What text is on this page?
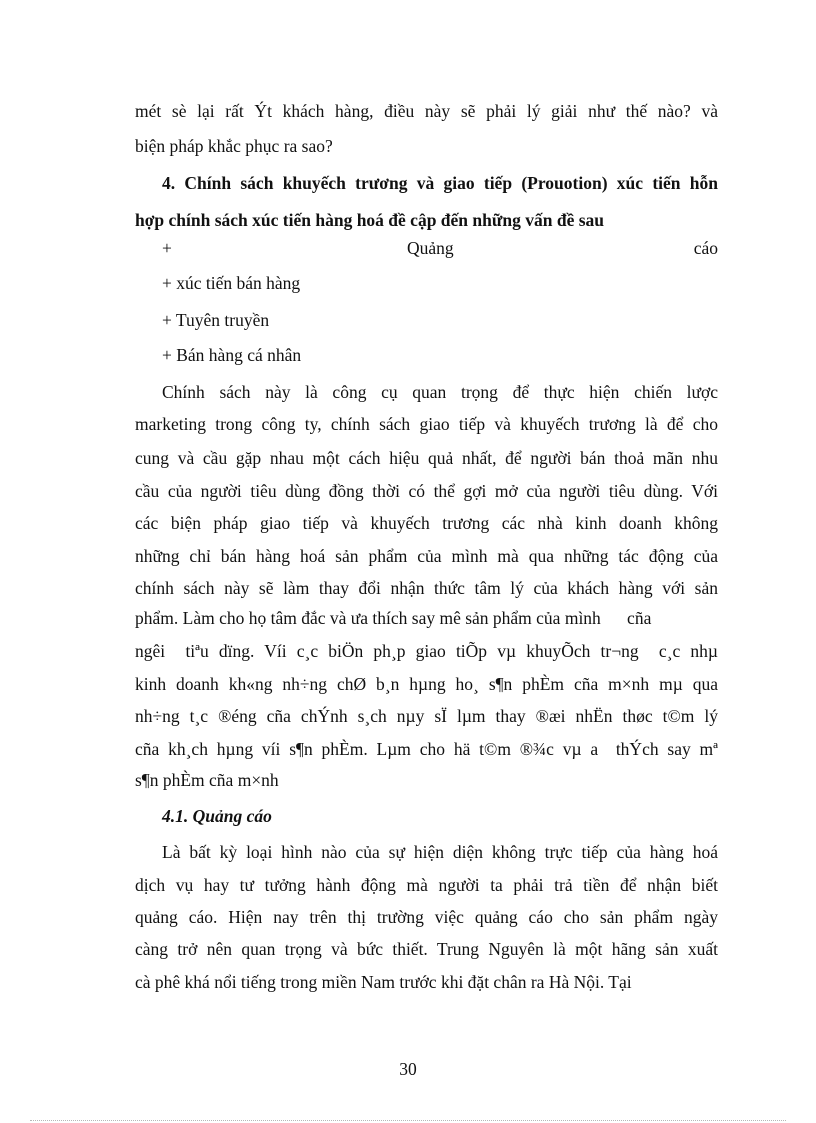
mét sè lại rất Ýt khách hàng, điều này sẽ phải lý giải như thế nào? và
biện pháp khắc phục ra sao?
4. Chính sách khuyếch trương và giao tiếp (Prouotion) xúc tiến hỗn
hợp chính sách xúc tiến hàng hoá đề cập đến những vấn đề sau
+	Quảng	cáo
+ xúc tiến bán hàng
+ Tuyên truyền
+ Bán hàng cá nhân
Chính sách này là công cụ quan trọng để thực hiện chiến lược
marketing trong công ty, chính sách giao tiếp và khuyếch trương là để cho
cung và cầu gặp nhau một cách hiệu quả nhất, để người bán thoả mãn nhu
cầu của người tiêu dùng đồng thời có thể gợi mở của người tiêu dùng. Với
các biện pháp giao tiếp và khuyếch trương các nhà kinh doanh không
những chỉ bán hàng hoá sản phẩm của mình mà qua những tác động của
chính sách này sẽ làm thay đổi nhận thức tâm lý của khách hàng với sản
phẩm. Làm cho họ tâm đắc và ưa thích say mê sản phẩm của mình      cña
ngêi  tiªu dïng. Víi c¸c biÖn ph¸p giao tiÕp vµ khuyÕch tr¬ng  c¸c nhµ
kinh doanh kh«ng nh÷ng chØ b¸n hµng ho¸ s¶n phÈm cña m×nh mµ qua
nh÷ng t¸c ®éng cña chÝnh s¸ch nµy sÏ lµm thay ®æi nhËn thøc t©m lý
cña kh¸ch hµng víi s¶n phÈm. Lµm cho hä t©m ®¾c vµ a  thÝch say mª
s¶n phÈm cña m×nh
4.1. Quảng cáo
Là bất kỳ loại hình nào của sự hiện diện không trực tiếp của hàng hoá
dịch vụ hay tư tưởng hành động mà người ta phải trả tiền để nhận biết
quảng cáo. Hiện nay trên thị trường việc quảng cáo cho sản phẩm ngày
càng trở nên quan trọng và bức thiết. Trung Nguyên là một hãng sản xuất
cà phê khá nổi tiếng trong miền Nam trước khi đặt chân ra Hà Nội. Tại
30
